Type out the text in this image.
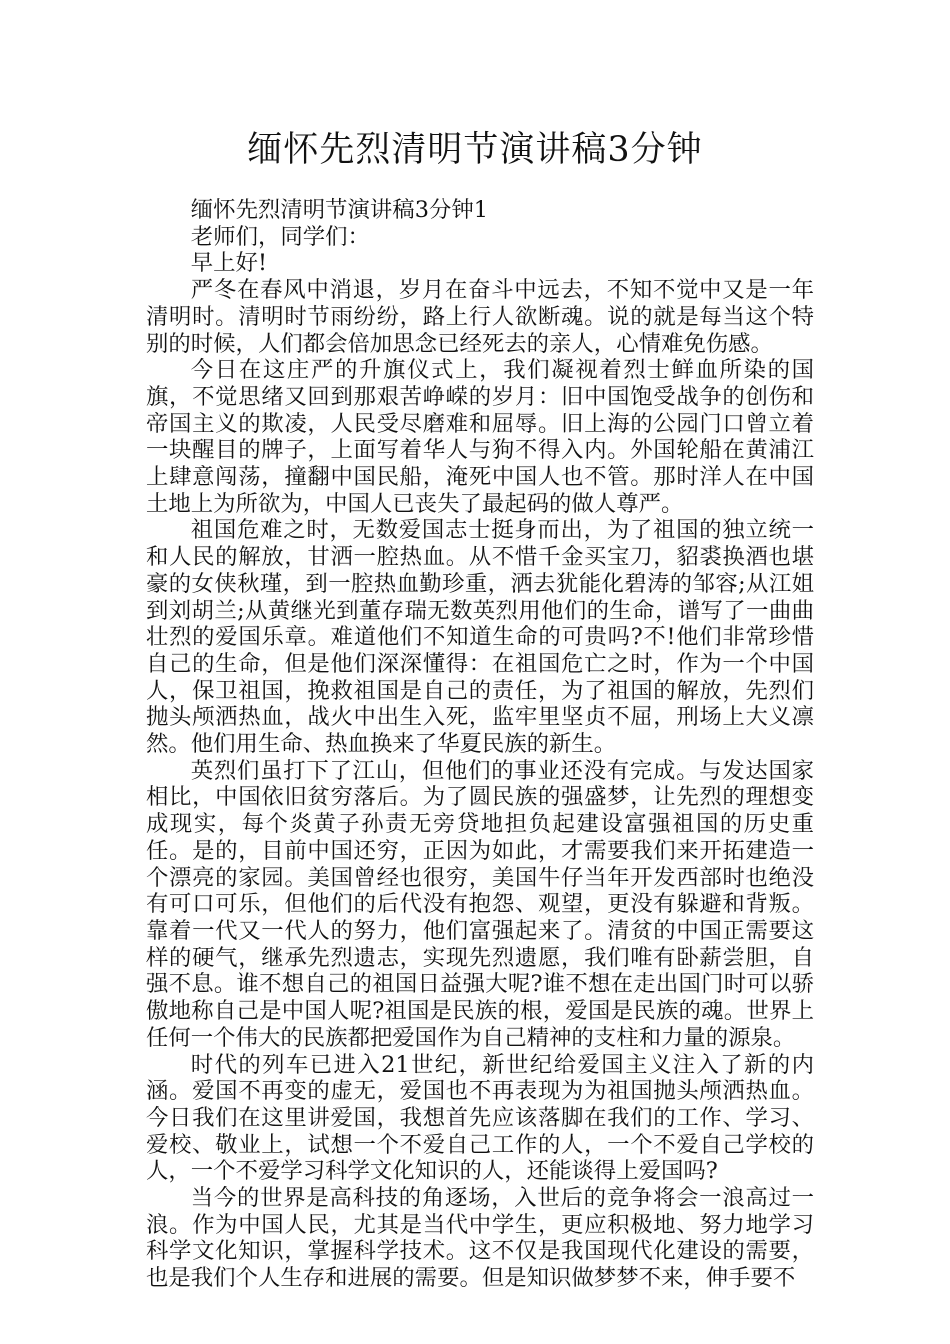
缅怀先烈清明节演讲稿3分钟

缅怀先烈清明节演讲稿3分钟1

老师们，同学们：

早上好!

严冬在春风中消退，岁月在奋斗中远去，不知不觉中又是一年清明时。清明时节雨纷纷，路上行人欲断魂。说的就是每当这个特别的时候，人们都会倍加思念已经死去的亲人，心情难免伤感。

今日在这庄严的升旗仪式上，我们凝视着烈士鲜血所染的国旗，不觉思绪又回到那艰苦峥嵘的岁月：旧中国饱受战争的创伤和帝国主义的欺凌，人民受尽磨难和屈辱。旧上海的公园门口曾立着一块醒目的牌子，上面写着华人与狗不得入内。外国轮船在黄浦江上肆意闯荡，撞翻中国民船，淹死中国人也不管。那时洋人在中国土地上为所欲为，中国人已丧失了最起码的做人尊严。

祖国危难之时，无数爱国志士挺身而出，为了祖国的独立统一和人民的解放，甘洒一腔热血。从不惜千金买宝刀，貂裘换酒也堪豪的女侠秋瑾，到一腔热血勤珍重，洒去犹能化碧涛的邹容;从江姐到刘胡兰;从黄继光到董存瑞无数英烈用他们的生命，谱写了一曲曲壮烈的爱国乐章。难道他们不知道生命的可贵吗?不!他们非常珍惜自己的生命，但是他们深深懂得：在祖国危亡之时，作为一个中国人，保卫祖国，挽救祖国是自己的责任，为了祖国的解放，先烈们抛头颅洒热血，战火中出生入死，监牢里坚贞不屈，刑场上大义凛然。他们用生命、热血换来了华夏民族的新生。

英烈们虽打下了江山，但他们的事业还没有完成。与发达国家相比，中国依旧贫穷落后。为了圆民族的强盛梦，让先烈的理想变成现实，每个炎黄子孙责无旁贷地担负起建设富强祖国的历史重任。是的，目前中国还穷，正因为如此，才需要我们来开拓建造一个漂亮的家园。美国曾经也很穷，美国牛仔当年开发西部时也绝没有可口可乐，但他们的后代没有抱怨、观望，更没有躲避和背叛。靠着一代又一代人的努力，他们富强起来了。清贫的中国正需要这样的硬气，继承先烈遗志，实现先烈遗愿，我们唯有卧薪尝胆，自强不息。谁不想自己的祖国日益强大呢?谁不想在走出国门时可以骄傲地称自己是中国人呢?祖国是民族的根，爱国是民族的魂。世界上任何一个伟大的民族都把爱国作为自己精神的支柱和力量的源泉。

时代的列车已进入21世纪，新世纪给爱国主义注入了新的内涵。爱国不再变的虚无，爱国也不再表现为为祖国抛头颅洒热血。今日我们在这里讲爱国，我想首先应该落脚在我们的工作、学习、爱校、敬业上，试想一个不爱自己工作的人，一个不爱自己学校的人，一个不爱学习科学文化知识的人，还能谈得上爱国吗?

当今的世界是高科技的角逐场，入世后的竞争将会一浪高过一浪。作为中国人民，尤其是当代中学生，更应积极地、努力地学习科学文化知识，掌握科学技术。这不仅是我国现代化建设的需要，也是我们个人生存和进展的需要。但是知识做梦梦不来，伸手要不
